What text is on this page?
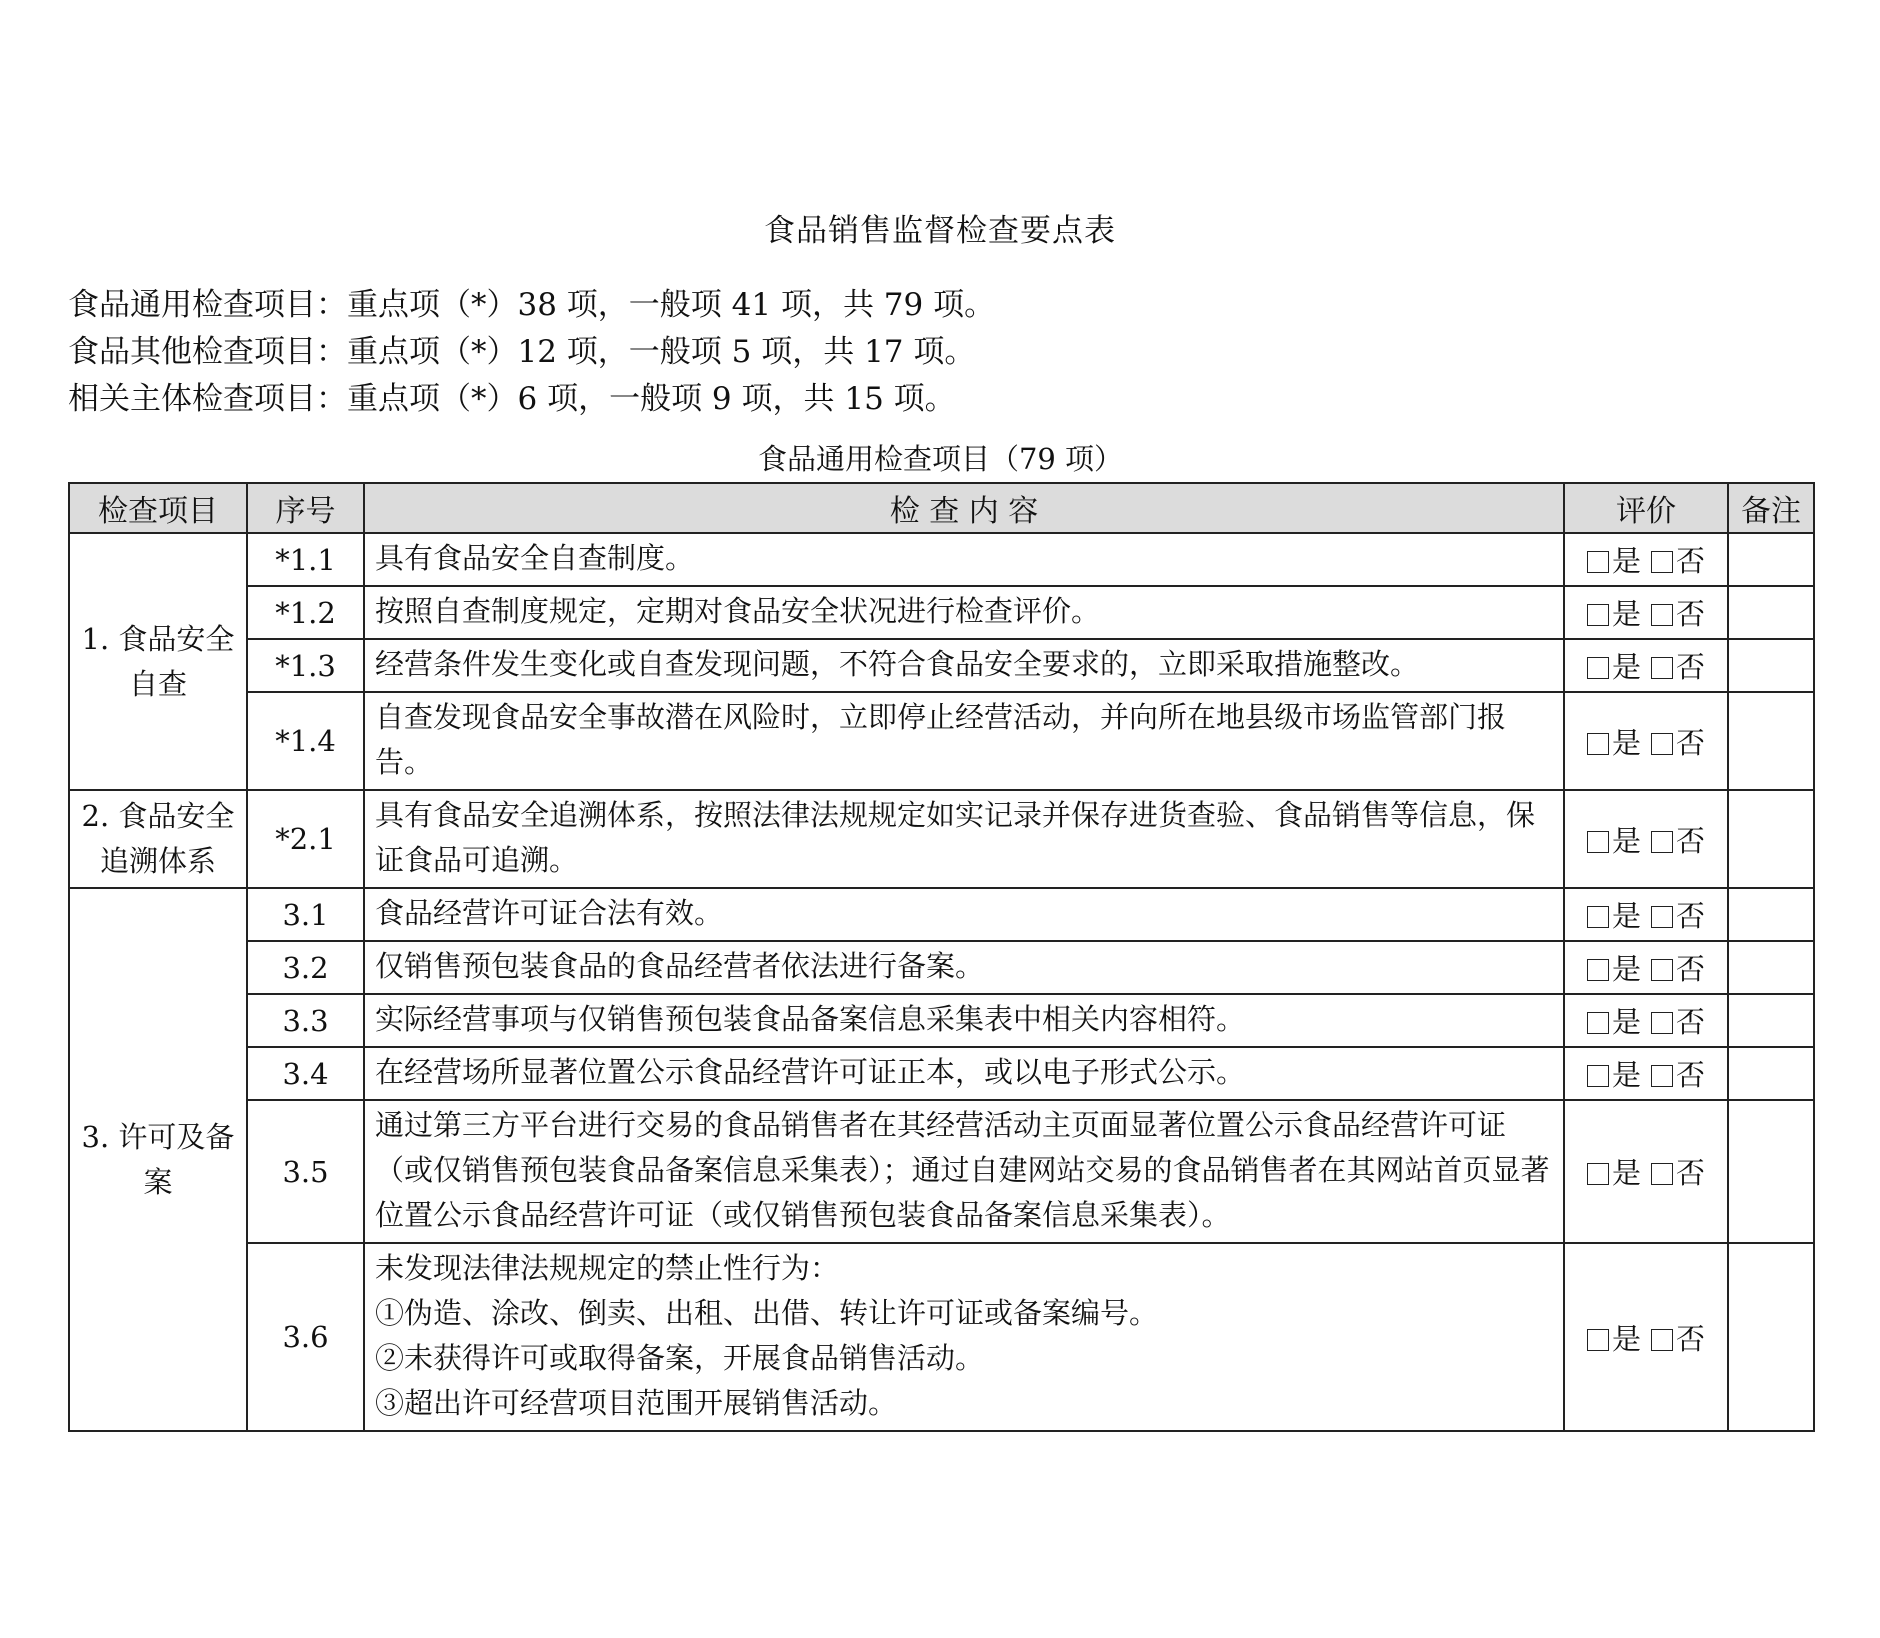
食品销售监督检查要点表
食品通用检查项目：重点项（*）38 项，一般项 41 项，共 79 项。
食品其他检查项目：重点项（*）12 项，一般项 5 项，共 17 项。
相关主体检查项目：重点项（*）6 项，一般项 9 项，共 15 项。
食品通用检查项目（79 项）
检查项目	序号	检 查 内 容	评价	备注
1. 食品安全自查	*1.1	具有食品安全自查制度。	是 否	
	*1.2	按照自查制度规定，定期对食品安全状况进行检查评价。	是 否	
	*1.3	经营条件发生变化或自查发现问题，不符合食品安全要求的，立即采取措施整改。	是 否	
	*1.4	自查发现食品安全事故潜在风险时，立即停止经营活动，并向所在地县级市场监管部门报告。	是 否	
2. 食品安全追溯体系	*2.1	具有食品安全追溯体系，按照法律法规规定如实记录并保存进货查验、食品销售等信息，保证食品可追溯。	是 否	
3. 许可及备案	3.1	食品经营许可证合法有效。	是 否	
	3.2	仅销售预包装食品的食品经营者依法进行备案。	是 否	
	3.3	实际经营事项与仅销售预包装食品备案信息采集表中相关内容相符。	是 否	
	3.4	在经营场所显著位置公示食品经营许可证正本，或以电子形式公示。	是 否	
	3.5	通过第三方平台进行交易的食品销售者在其经营活动主页面显著位置公示食品经营许可证（或仅销售预包装食品备案信息采集表）；通过自建网站交易的食品销售者在其网站首页显著位置公示食品经营许可证（或仅销售预包装食品备案信息采集表）。	是 否	
	3.6	未发现法律法规规定的禁止性行为：
①伪造、涂改、倒卖、出租、出借、转让许可证或备案编号。
②未获得许可或取得备案，开展食品销售活动。
③超出许可经营项目范围开展销售活动。	是 否	
